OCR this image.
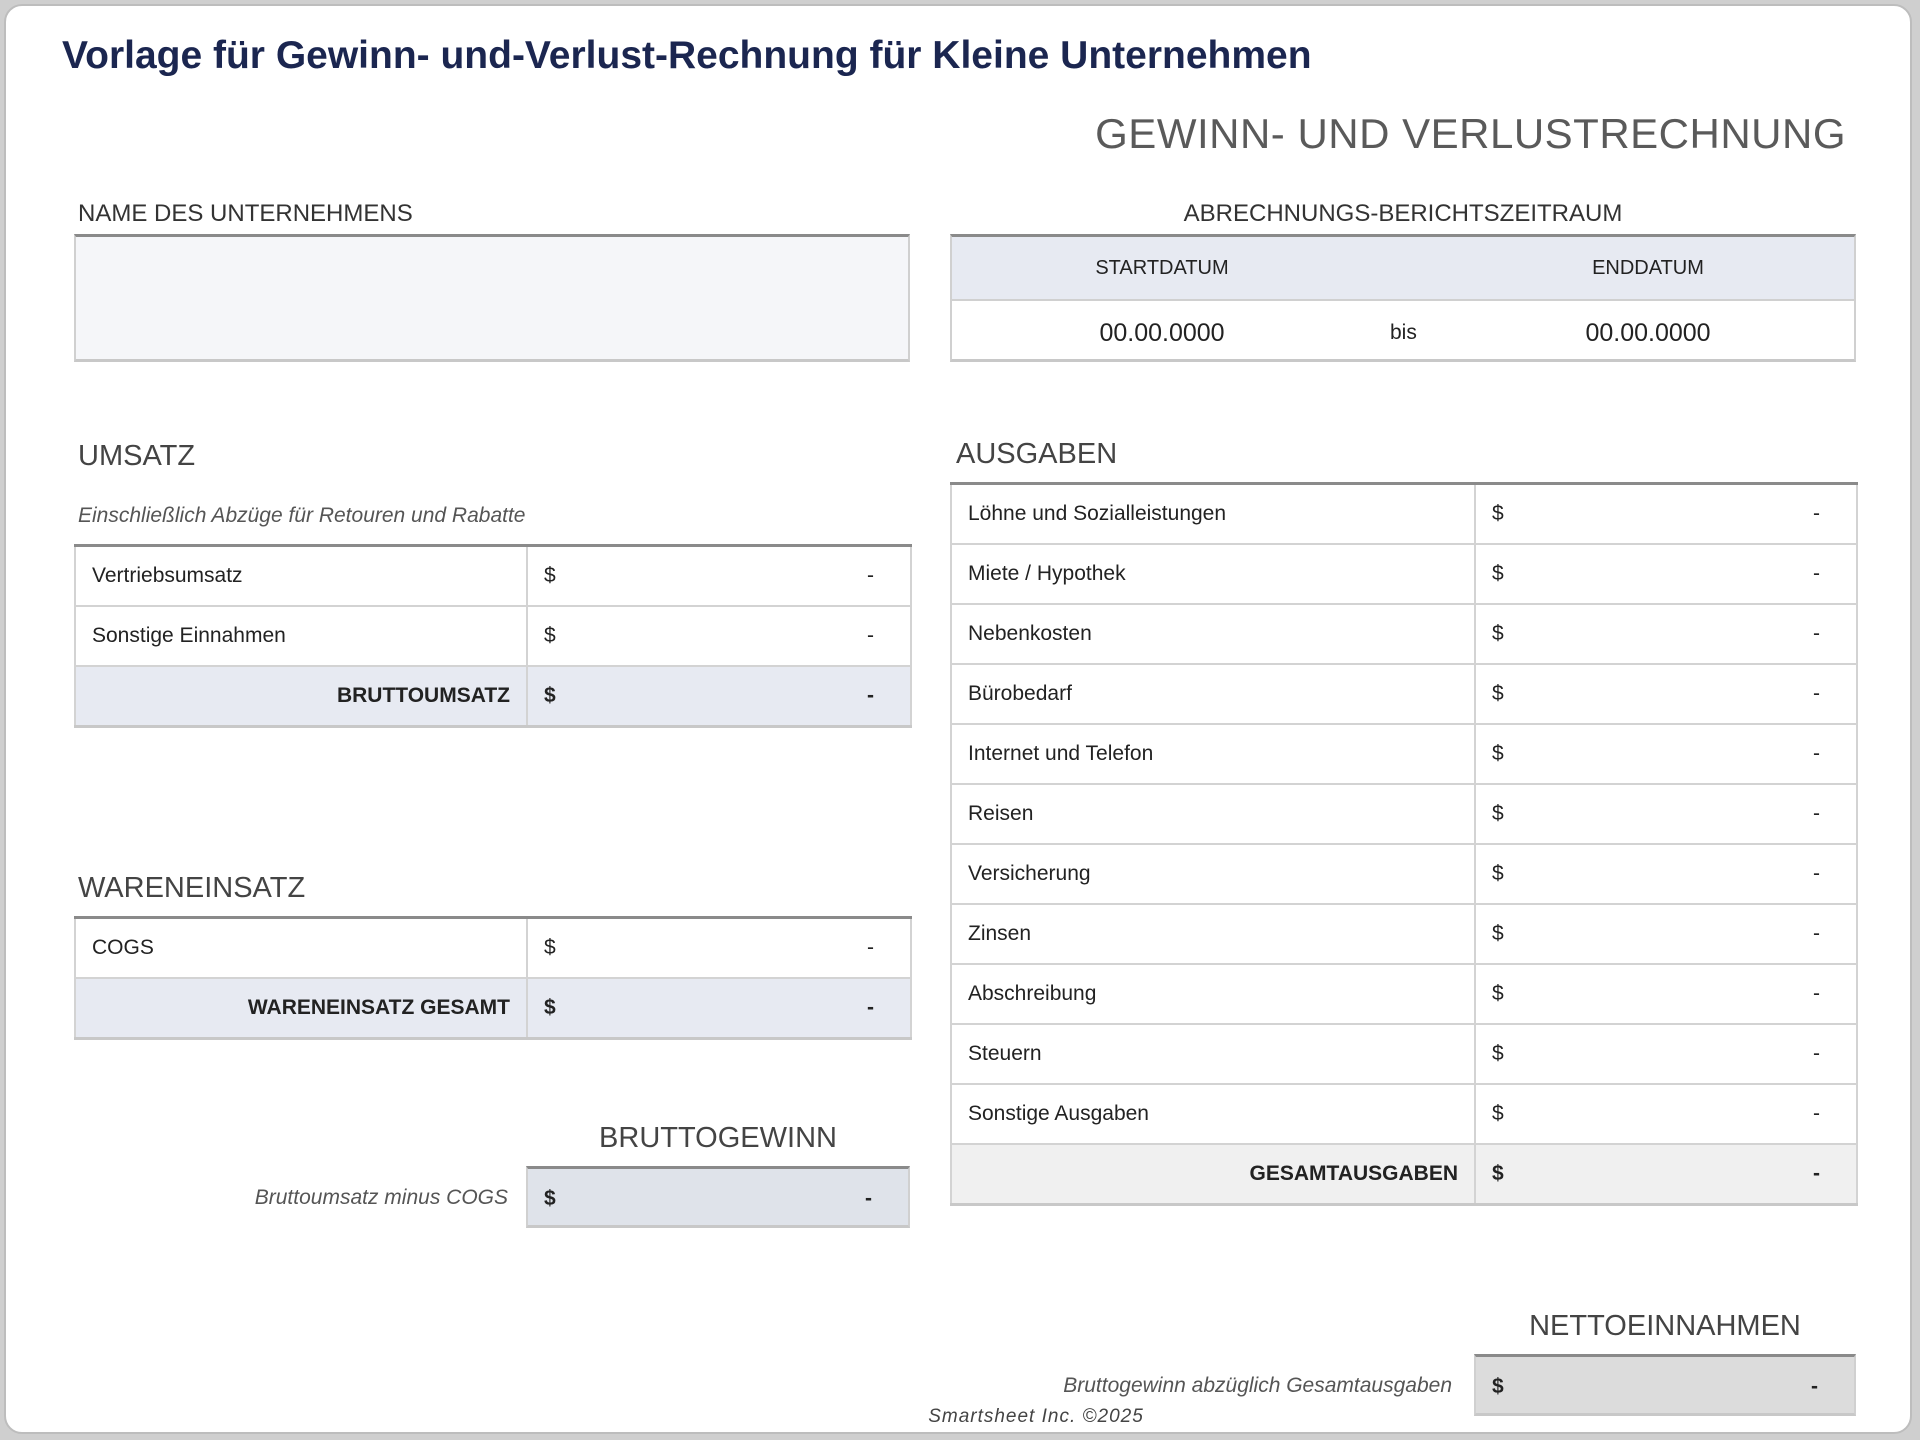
Vorlage für Gewinn- und-Verlust-Rechnung für Kleine Unternehmen
GEWINN- UND VERLUSTRECHNUNG
NAME DES UNTERNEHMENS	ABRECHNUNGS-BERICHTSZEITRAUM
STARTDATUM	ENDDATUM
00.00.0000	bis	00.00.0000
UMSATZ
Einschließlich Abzüge für Retouren und Rabatte
Vertriebsumsatz	$ -

Sonstige Einnahmen	$ -

BRUTTOUMSATZ	$ -
WARENEINSATZ
COGS	$ -

WARENEINSATZ GESAMT	$ -
BRUTTOGEWINN
Bruttoumsatz minus COGS $	-
AUSGABEN
Löhne und Sozialleistungen	$ -

Miete / Hypothek	$ -

Nebenkosten	$ -

Bürobedarf	$ -

Internet und Telefon	$ -

Reisen	$ -

Versicherung	$ -

Zinsen	$ -

Abschreibung	$ -

Steuern	$ -

Sonstige Ausgaben	$ -

GESAMTAUSGABEN	$ -
NETTOEINNAHMEN
Bruttogewinn abzüglich Gesamtausgaben $	-
Smartsheet Inc. ©2025
